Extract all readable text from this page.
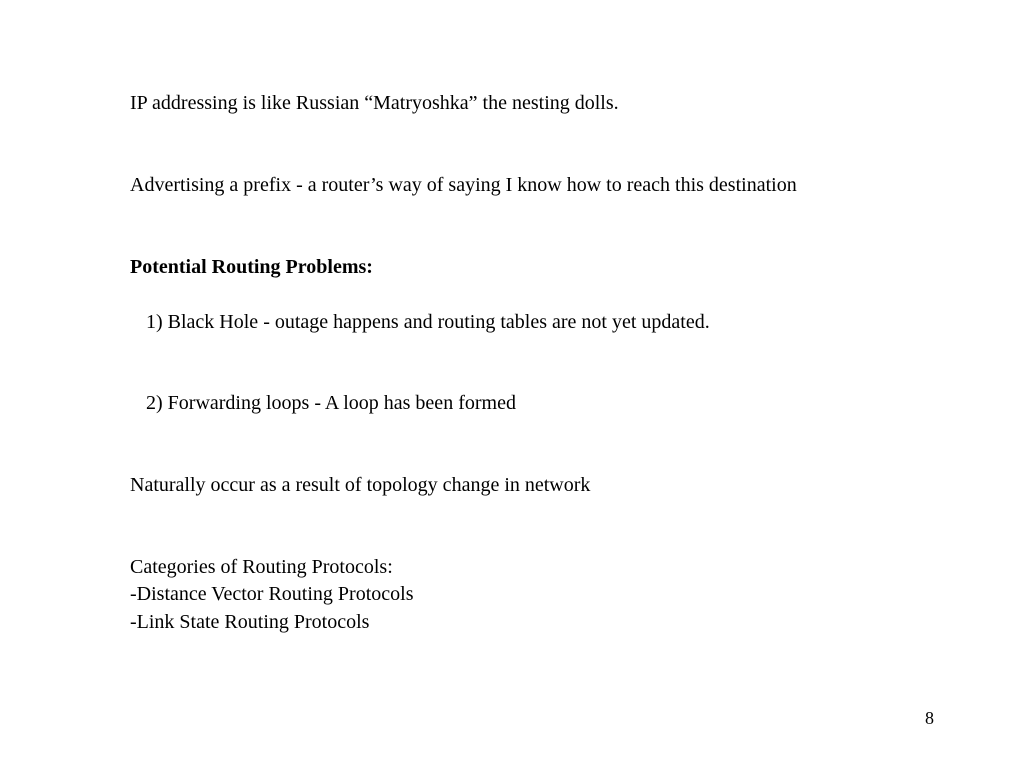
IP addressing is like Russian “Matryoshka” the nesting dolls.
Advertising a prefix - a router’s way of saying I know how to reach this destination
Potential Routing Problems:
1) Black Hole - outage happens and routing tables are not yet updated.
2) Forwarding loops - A loop has been formed
Naturally occur as a result of topology change in network
Categories of Routing Protocols:
-Distance Vector Routing Protocols
-Link State Routing Protocols
8
